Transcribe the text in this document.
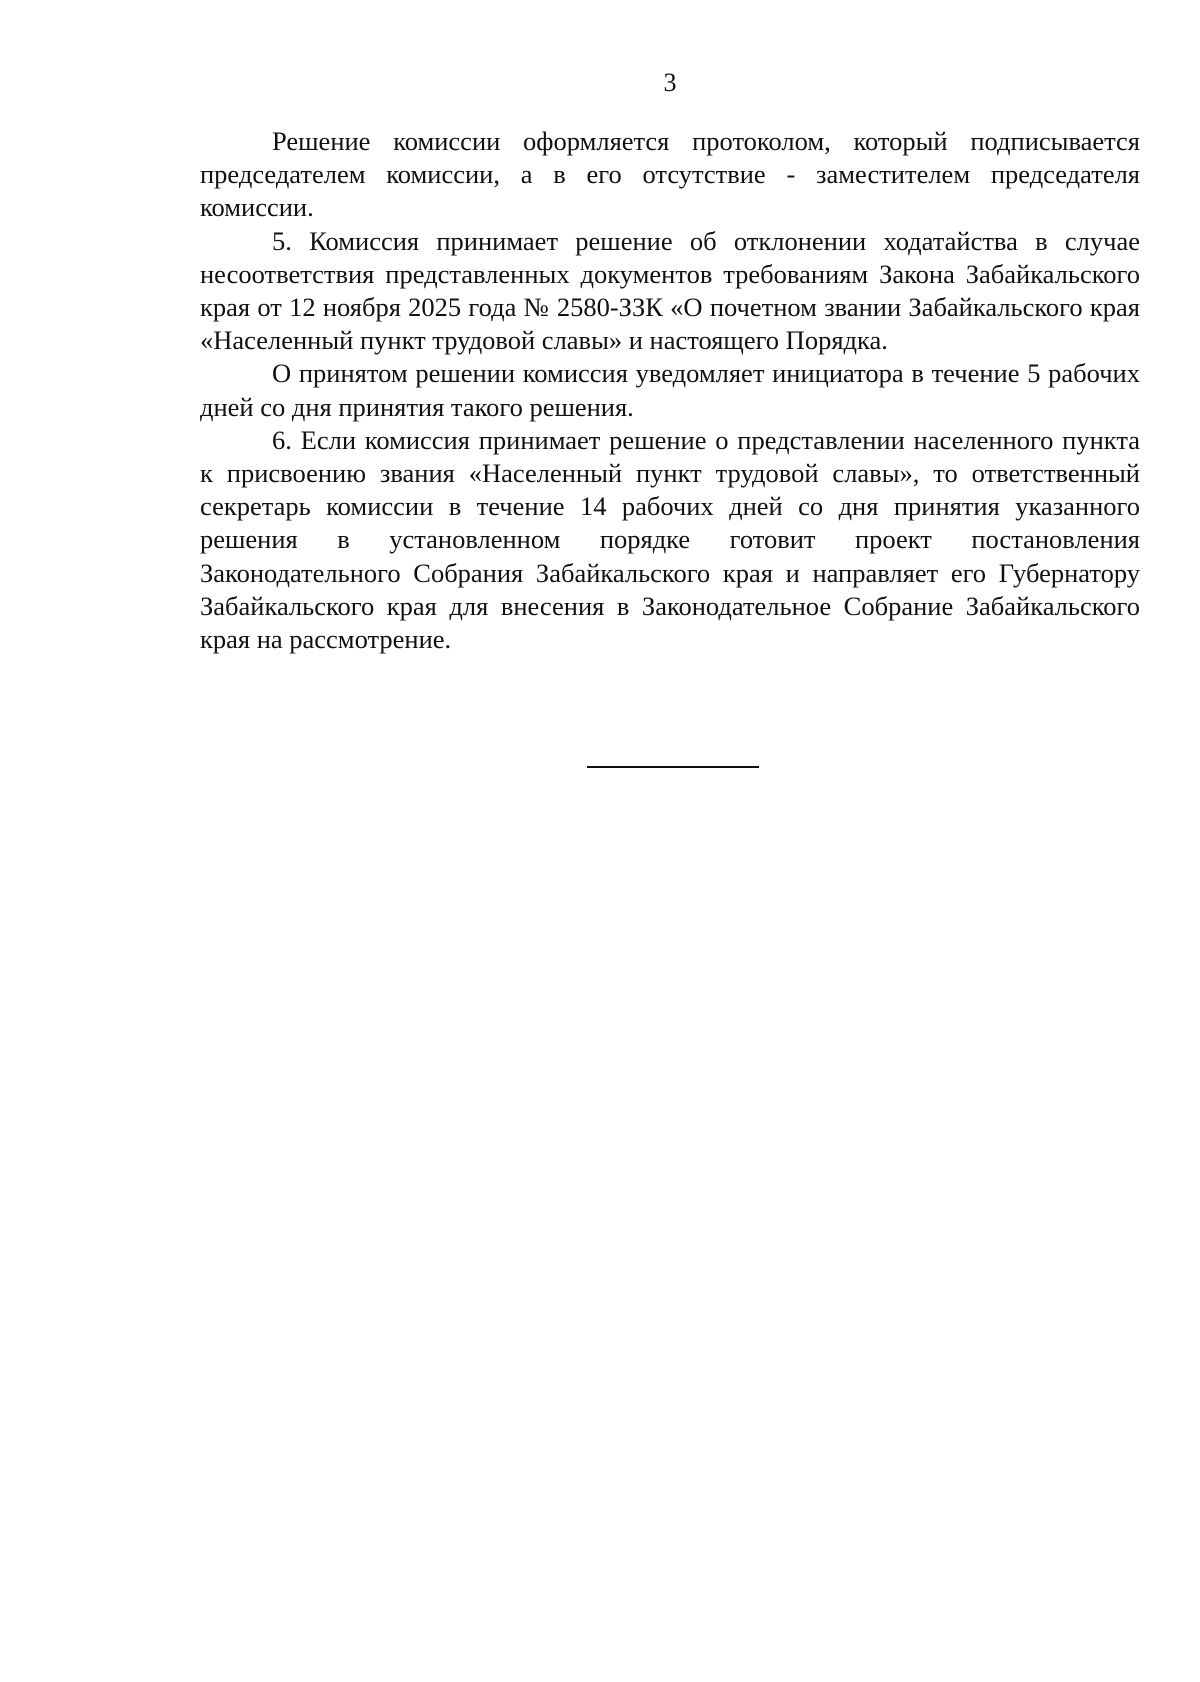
3

Решение комиссии оформляется протоколом, который подписывается председателем комиссии, а в его отсутствие - заместителем председателя комиссии.

5. Комиссия принимает решение об отклонении ходатайства в случае несоответствия представленных документов требованиям Закона Забайкальского края от 12 ноября 2025 года № 2580-ЗЗК «О почетном звании Забайкальского края «Населенный пункт трудовой славы» и настоящего Порядка.

О принятом решении комиссия уведомляет инициатора в течение 5 рабочих дней со дня принятия такого решения.

6. Если комиссия принимает решение о представлении населенного пункта к присвоению звания «Населенный пункт трудовой славы», то ответственный секретарь комиссии в течение 14 рабочих дней со дня принятия указанного решения в установленном порядке готовит проект постановления Законодательного Собрания Забайкальского края и направляет его Губернатору Забайкальского края для внесения в Законодательное Собрание Забайкальского края на рассмотрение.
